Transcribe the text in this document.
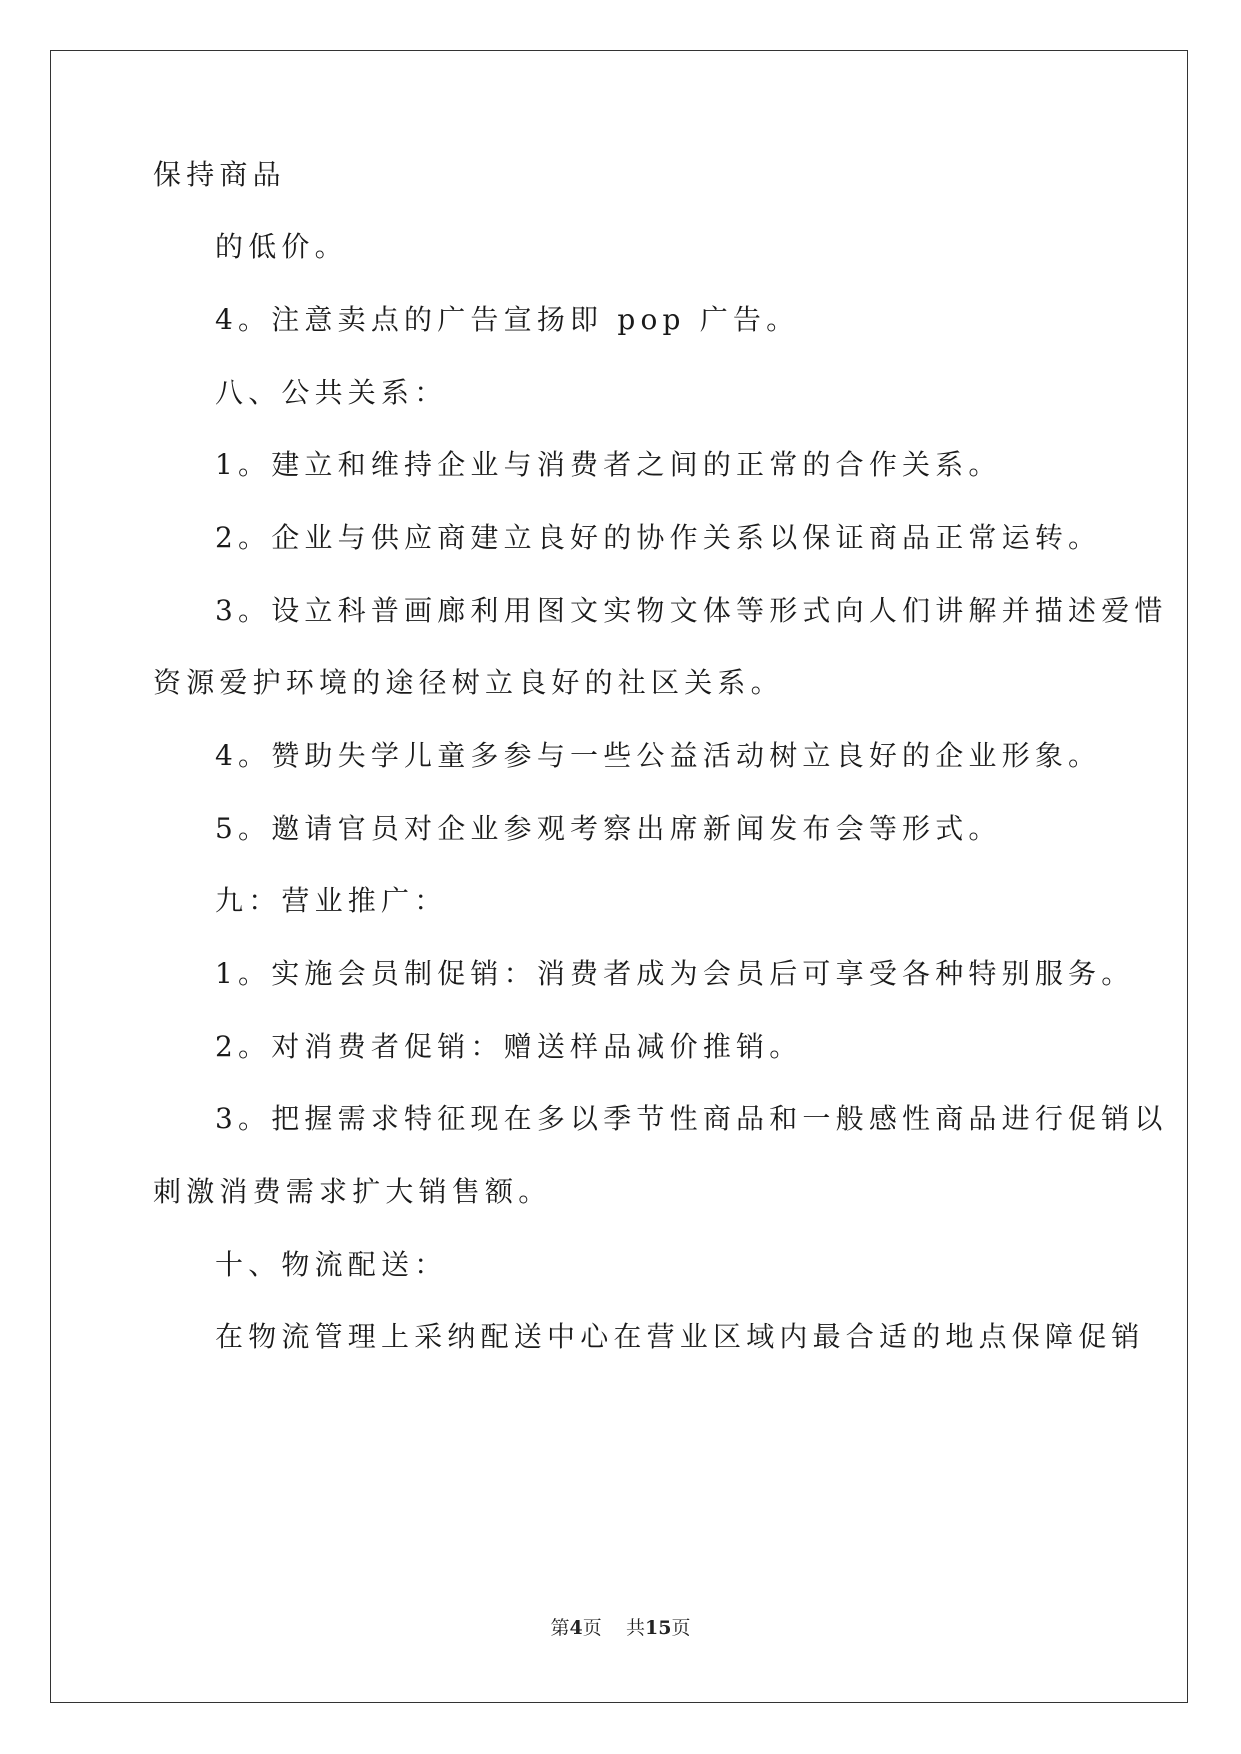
保持商品
的低价。
4。注意卖点的广告宣扬即 pop 广告。
八、公共关系：
1。建立和维持企业与消费者之间的正常的合作关系。
2。企业与供应商建立良好的协作关系以保证商品正常运转。
3。设立科普画廊利用图文实物文体等形式向人们讲解并描述爱惜
资源爱护环境的途径树立良好的社区关系。
4。赞助失学儿童多参与一些公益活动树立良好的企业形象。
5。邀请官员对企业参观考察出席新闻发布会等形式。
九：营业推广：
1。实施会员制促销：消费者成为会员后可享受各种特别服务。
2。对消费者促销：赠送样品减价推销。
3。把握需求特征现在多以季节性商品和一般感性商品进行促销以
刺激消费需求扩大销售额。
十、物流配送：
在物流管理上采纳配送中心在营业区域内最合适的地点保障促销
第4页 共15页
